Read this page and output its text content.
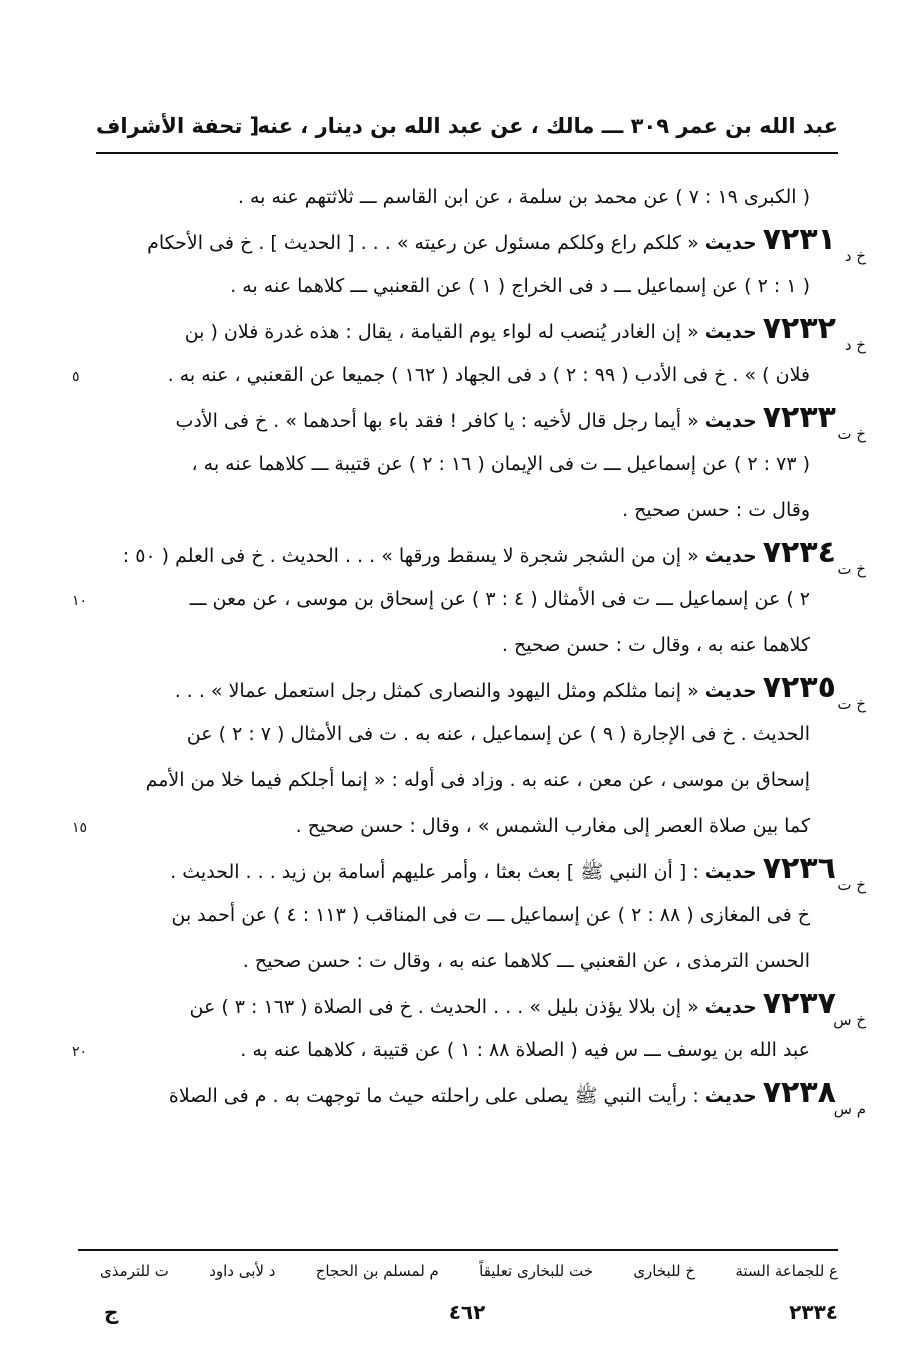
عبد الله بن عمر ٣٠٩ ـــ مالك ، عن عبد الله بن دينار ، عنه
[ تحفة الأشراف
( الكبرى ١٩ : ٧ ) عن محمد بن سلمة ، عن ابن القاسم ـــ ثلاثتهم عنه به .
٧٢٣١ حديث « كلكم راع وكلكم مسئول عن رعيته » . . . [ الحديث ] . خ فى الأحكام
خ د
( ١ : ٢ ) عن إسماعيل ـــ د فى الخراج ( ١ ) عن القعنبي ـــ كلاهما عنه به .
٧٢٣٢ حديث « إن الغادر يُنصب له لواء يوم القيامة ، يقال : هذه غدرة فلان ( بن
خ د
فلان ) » . خ فى الأدب ( ٩٩ : ٢ ) د فى الجهاد ( ١٦٢ ) جميعا عن القعنبي ، عنه به .
٥
٧٢٣٣ حديث « أيما رجل قال لأخيه : يا كافر ! فقد باء بها أحدهما » . خ فى الأدب
خ ت
( ٧٣ : ٢ ) عن إسماعيل ـــ ت فى الإيمان ( ١٦ : ٢ ) عن قتيبة ـــ كلاهما عنه به ،
وقال ت : حسن صحيح .
٧٢٣٤ حديث « إن من الشجر شجرة لا يسقط ورقها » . . . الحديث . خ فى العلم ( ٥٠ :
خ ت
٢ ) عن إسماعيل ـــ ت فى الأمثال ( ٤ : ٣ ) عن إسحاق بن موسى ، عن معن ـــ
١٠
كلاهما عنه به ، وقال ت : حسن صحيح .
٧٢٣٥ حديث « إنما مثلكم ومثل اليهود والنصارى كمثل رجل استعمل عمالا » . . .
خ ت
الحديث . خ فى الإجارة ( ٩ ) عن إسماعيل ، عنه به . ت فى الأمثال ( ٧ : ٢ ) عن
إسحاق بن موسى ، عن معن ، عنه به . وزاد فى أوله : « إنما أجلكم فيما خلا من الأمم
كما بين صلاة العصر إلى مغارب الشمس » ، وقال : حسن صحيح .
١٥
٧٢٣٦ حديث : [ أن النبي ﷺ ] بعث بعثا ، وأمر عليهم أسامة بن زيد . . . الحديث .
خ ت
خ فى المغازى ( ٨٨ : ٢ ) عن إسماعيل ـــ ت فى المناقب ( ١١٣ : ٤ ) عن أحمد بن
الحسن الترمذى ، عن القعنبي ـــ كلاهما عنه به ، وقال ت : حسن صحيح .
٧٢٣٧ حديث « إن بلالا يؤذن بليل » . . . الحديث . خ فى الصلاة ( ١٦٣ : ٣ ) عن
خ س
عبد الله بن يوسف ـــ س فيه ( الصلاة ٨٨ : ١ ) عن قتيبة ، كلاهما عنه به .
٢٠
٧٢٣٨ حديث : رأيت النبي ﷺ يصلى على راحلته حيث ما توجهت به . م فى الصلاة
م س
ع للجماعة الستة
خ للبخارى
خت للبخارى تعليقاً
م لمسلم بن الحجاج
د لأبى داود
ت للترمذى
٢٣٣٤
٤٦٢
ج
